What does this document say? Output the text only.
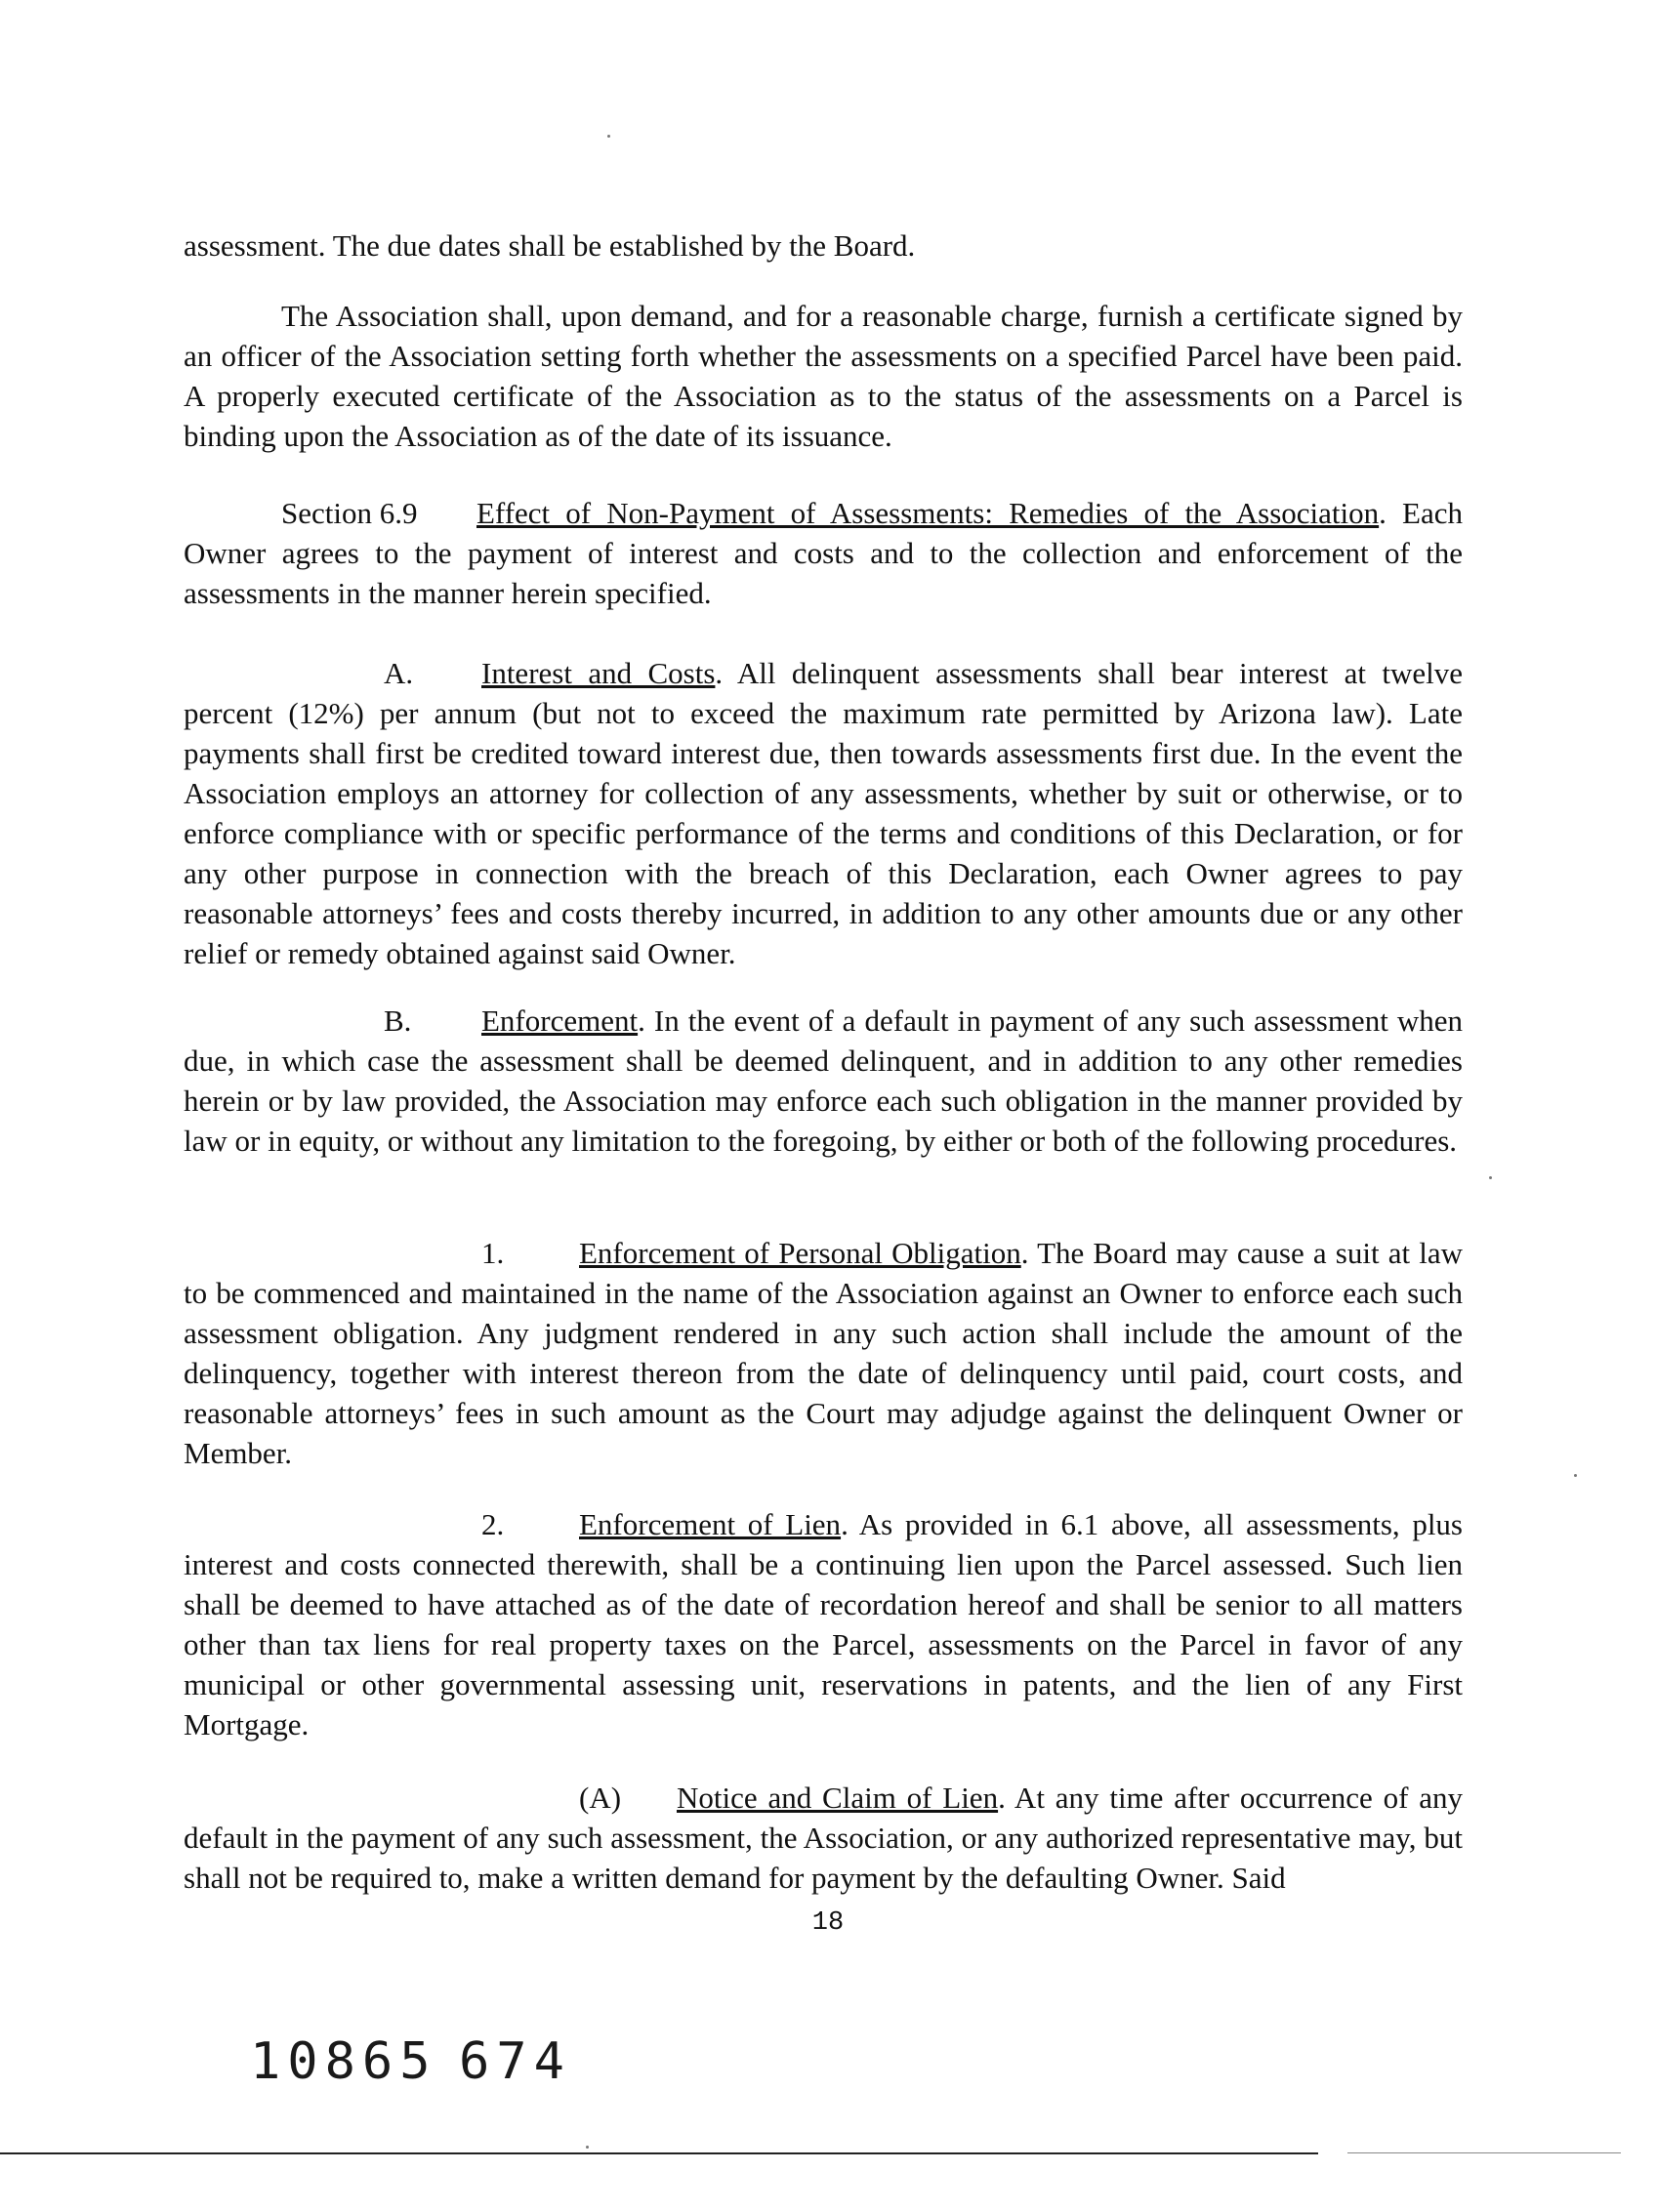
assessment. The due dates shall be established by the Board.

The Association shall, upon demand, and for a reasonable charge, furnish a certificate signed by an officer of the Association setting forth whether the assessments on a specified Parcel have been paid. A properly executed certificate of the Association as to the status of the assessments on a Parcel is binding upon the Association as of the date of its issuance.

Section 6.9 Effect of Non-Payment of Assessments: Remedies of the Association. Each Owner agrees to the payment of interest and costs and to the collection and enforcement of the assessments in the manner herein specified.

A. Interest and Costs. All delinquent assessments shall bear interest at twelve percent (12%) per annum (but not to exceed the maximum rate permitted by Arizona law). Late payments shall first be credited toward interest due, then towards assessments first due. In the event the Association employs an attorney for collection of any assessments, whether by suit or otherwise, or to enforce compliance with or specific performance of the terms and conditions of this Declaration, or for any other purpose in connection with the breach of this Declaration, each Owner agrees to pay reasonable attorneys’ fees and costs thereby incurred, in addition to any other amounts due or any other relief or remedy obtained against said Owner.

B. Enforcement. In the event of a default in payment of any such assessment when due, in which case the assessment shall be deemed delinquent, and in addition to any other remedies herein or by law provided, the Association may enforce each such obligation in the manner provided by law or in equity, or without any limitation to the foregoing, by either or both of the following procedures.

1. Enforcement of Personal Obligation. The Board may cause a suit at law to be commenced and maintained in the name of the Association against an Owner to enforce each such assessment obligation. Any judgment rendered in any such action shall include the amount of the delinquency, together with interest thereon from the date of delinquency until paid, court costs, and reasonable attorneys’ fees in such amount as the Court may adjudge against the delinquent Owner or Member.

2. Enforcement of Lien. As provided in 6.1 above, all assessments, plus interest and costs connected therewith, shall be a continuing lien upon the Parcel assessed. Such lien shall be deemed to have attached as of the date of recordation hereof and shall be senior to all matters other than tax liens for real property taxes on the Parcel, assessments on the Parcel in favor of any municipal or other governmental assessing unit, reservations in patents, and the lien of any First Mortgage.

(A) Notice and Claim of Lien. At any time after occurrence of any default in the payment of any such assessment, the Association, or any authorized representative may, but shall not be required to, make a written demand for payment by the defaulting Owner. Said

18
10865 674
